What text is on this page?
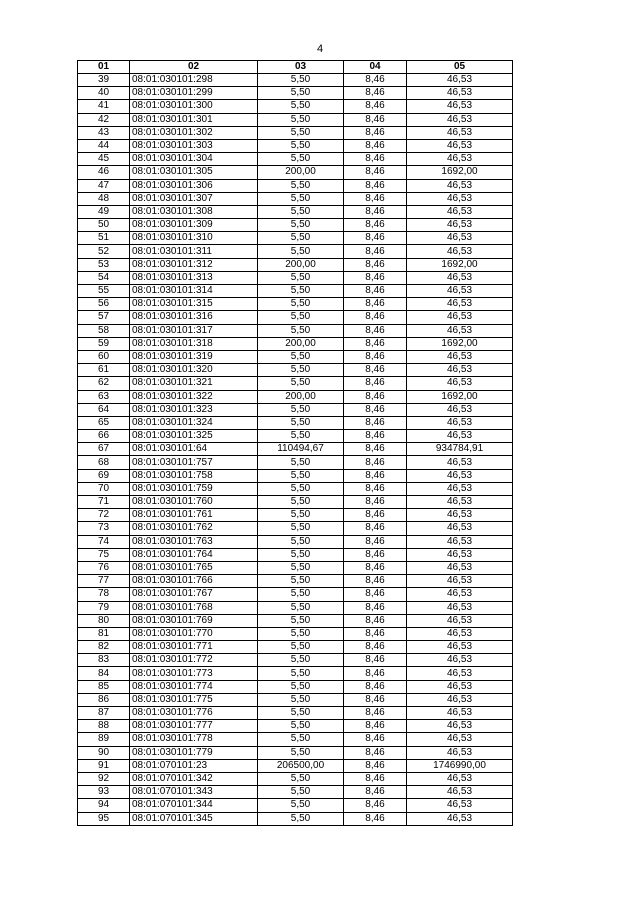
4
01	02	03	04	05
39	08:01:030101:298	5,50	8,46	46,53
40	08:01:030101:299	5,50	8,46	46,53
41	08:01:030101:300	5,50	8,46	46,53
42	08:01:030101:301	5,50	8,46	46,53
43	08:01:030101:302	5,50	8,46	46,53
44	08:01:030101:303	5,50	8,46	46,53
45	08:01:030101:304	5,50	8,46	46,53
46	08:01:030101:305	200,00	8,46	1692,00
47	08:01:030101:306	5,50	8,46	46,53
48	08:01:030101:307	5,50	8,46	46,53
49	08:01:030101:308	5,50	8,46	46,53
50	08:01:030101:309	5,50	8,46	46,53
51	08:01:030101:310	5,50	8,46	46,53
52	08:01:030101:311	5,50	8,46	46,53
53	08:01:030101:312	200,00	8,46	1692,00
54	08:01:030101:313	5,50	8,46	46,53
55	08:01:030101:314	5,50	8,46	46,53
56	08:01:030101:315	5,50	8,46	46,53
57	08:01:030101:316	5,50	8,46	46,53
58	08:01:030101:317	5,50	8,46	46,53
59	08:01:030101:318	200,00	8,46	1692,00
60	08:01:030101:319	5,50	8,46	46,53
61	08:01:030101:320	5,50	8,46	46,53
62	08:01:030101:321	5,50	8,46	46,53
63	08:01:030101:322	200,00	8,46	1692,00
64	08:01:030101:323	5,50	8,46	46,53
65	08:01:030101:324	5,50	8,46	46,53
66	08:01:030101:325	5,50	8,46	46,53
67	08:01:030101:64	110494,67	8,46	934784,91
68	08:01:030101:757	5,50	8,46	46,53
69	08:01:030101:758	5,50	8,46	46,53
70	08:01:030101:759	5,50	8,46	46,53
71	08:01:030101:760	5,50	8,46	46,53
72	08:01:030101:761	5,50	8,46	46,53
73	08:01:030101:762	5,50	8,46	46,53
74	08:01:030101:763	5,50	8,46	46,53
75	08:01:030101:764	5,50	8,46	46,53
76	08:01:030101:765	5,50	8,46	46,53
77	08:01:030101:766	5,50	8,46	46,53
78	08:01:030101:767	5,50	8,46	46,53
79	08:01:030101:768	5,50	8,46	46,53
80	08:01:030101:769	5,50	8,46	46,53
81	08:01:030101:770	5,50	8,46	46,53
82	08:01:030101:771	5,50	8,46	46,53
83	08:01:030101:772	5,50	8,46	46,53
84	08:01:030101:773	5,50	8,46	46,53
85	08:01:030101:774	5,50	8,46	46,53
86	08:01:030101:775	5,50	8,46	46,53
87	08:01:030101:776	5,50	8,46	46,53
88	08:01:030101:777	5,50	8,46	46,53
89	08:01:030101:778	5,50	8,46	46,53
90	08:01:030101:779	5,50	8,46	46,53
91	08:01:070101:23	206500,00	8,46	1746990,00
92	08:01:070101:342	5,50	8,46	46,53
93	08:01:070101:343	5,50	8,46	46,53
94	08:01:070101:344	5,50	8,46	46,53
95	08:01:070101:345	5,50	8,46	46,53
